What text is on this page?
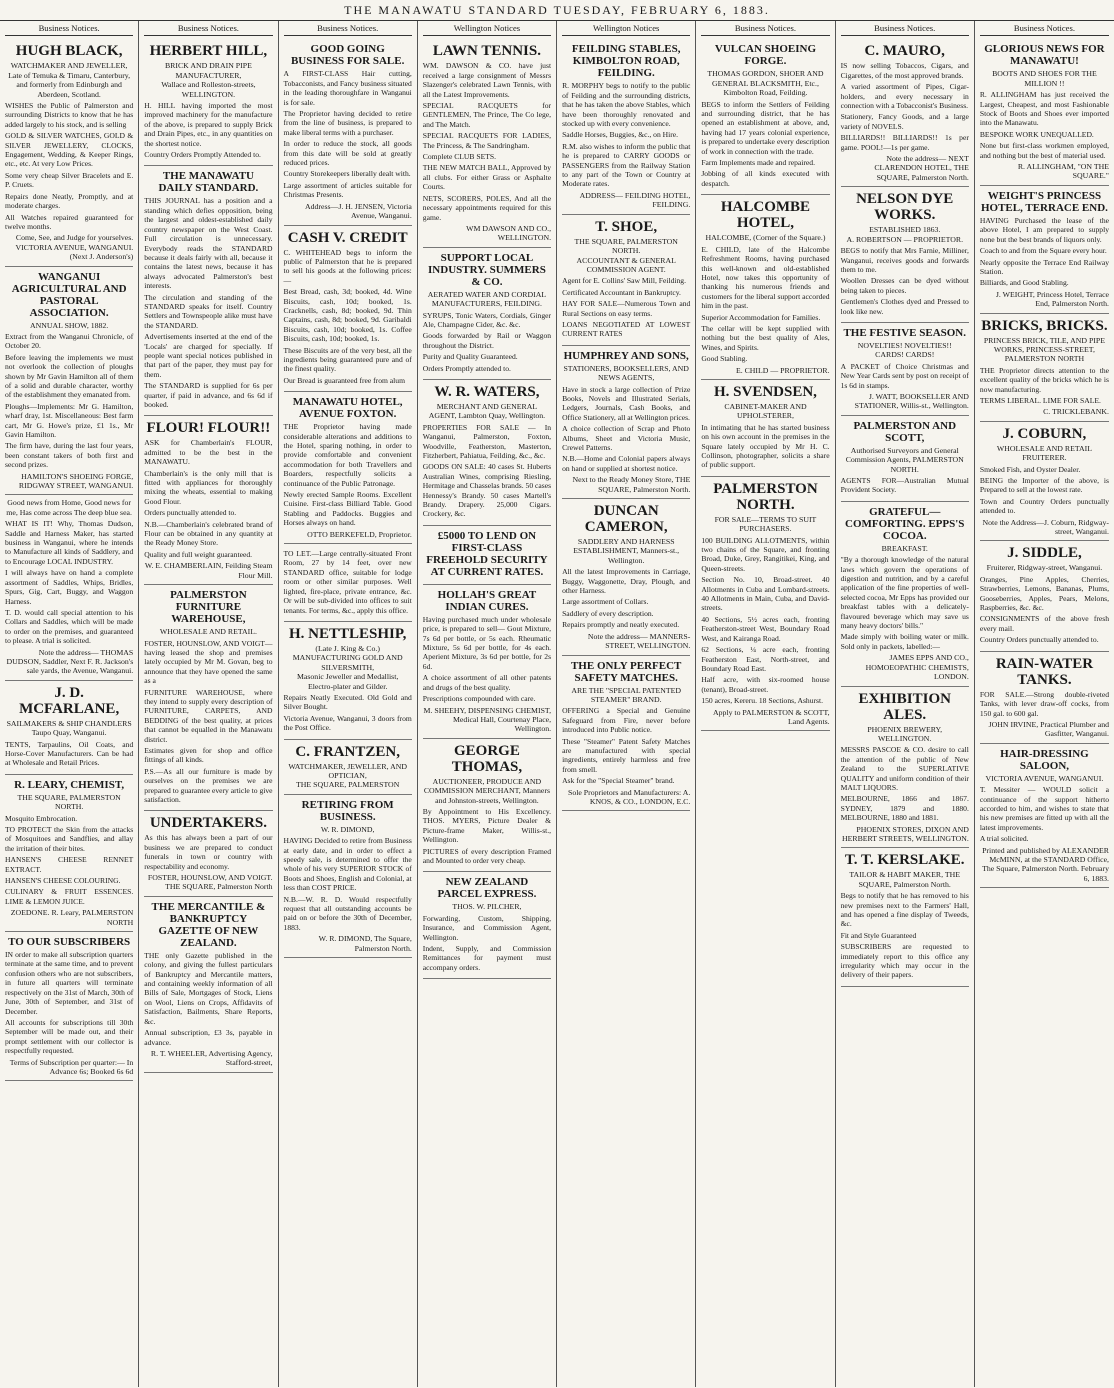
THE MANAWATU STANDARD TUESDAY, FEBRUARY 6, 1883.
Business Notices.
HUGH BLACK,
WATCHMAKER AND JEWELLER,
Late of Temuka & Timaru, Canterbury, and formerly from Edinburgh and Aberdeen, Scotland.
WISHES the Public of Palmerston and surrounding Districts to know that he has added largely to his stock, and is selling
GOLD & SILVER WATCHES, GOLD & SILVER JEWELLERY, CLOCKS, Engagement, Wedding, & Keeper Rings, etc., etc. At very Low Prices.
Some very cheap Silver Bracelets and E. P. Cruets.
Repairs done Neatly, Promptly, and at moderate charges.
All Watches repaired guaranteed for twelve months.
Come, See, and Judge for yourselves. VICTORIA AVENUE, WANGANUI. (Next J. Anderson's)
WANGANUI AGRICULTURAL AND PASTORAL ASSOCIATION.
ANNUAL SHOW, 1882.
Extract from the Wanganui Chronicle, of October 20.
Before leaving the implements we must not overlook the collection of ploughs shown by Mr Gavin Hamilton all of them of a solid and durable character, worthy of the establishment they emanated from.
Ploughs—Implements: Mr G. Hamilton, wharf dray, 1st. Miscellaneous: Best farm cart, Mr G. Howe's prize, £1 1s., Mr Gavin Hamilton.
The firm have, during the last four years, been constant takers of both first and second prizes.
HAMILTON'S SHOEING FORGE, RIDGWAY STREET, WANGANUI.
Good news from Home, Good news for me, Has come across The deep blue sea.
WHAT IS IT! Why, Thomas Dudson, Saddle and Harness Maker, has started business in Wanganui, where he intends to Manufacture all kinds of Saddlery, and to Encourage LOCAL INDUSTRY.
I will always have on hand a complete assortment of Saddles, Whips, Bridles, Spurs, Gig, Cart, Buggy, and Waggon Harness.
T. D. would call special attention to his Collars and Saddles, which will be made to order on the premises, and guaranteed to please. A trial is solicited.
Note the address— THOMAS DUDSON, Saddler, Next F. R. Jackson's sale yards, the Avenue, Wanganui.
J. D. MCFARLANE,
SAILMAKERS & SHIP CHANDLERS
Taupo Quay, Wanganui.
TENTS, Tarpaulins, Oil Coats, and Horse-Cover Manufacturers. Can be had at Wholesale and Retail Prices.
R. LEARY, CHEMIST,
THE SQUARE, PALMERSTON NORTH.
Mosquito Embrocation.
TO PROTECT the Skin from the attacks of Mosquitoes and Sandflies, and allay the irritation of their bites.
HANSEN'S CHEESE RENNET EXTRACT.
HANSEN'S CHEESE COLOURING.
CULINARY & FRUIT ESSENCES. LIME & LEMON JUICE.
ZOEDONE. R. Leary, PALMERSTON NORTH
TO OUR SUBSCRIBERS
IN order to make all subscription quarters terminate at the same time, and to prevent confusion others who are not subscribers, in future all quarters will terminate respectively on the 31st of March, 30th of June, 30th of September, and 31st of December.
All accounts for subscriptions till 30th September will be made out, and their prompt settlement with our collector is respectfully requested.
Terms of Subscription per quarter:— In Advance 6s; Booked 6s 6d
Business Notices.
HERBERT HILL,
BRICK AND DRAIN PIPE MANUFACTURER,
Wallace and Rolleston-streets, WELLINGTON.
H. HILL having imported the most improved machinery for the manufacture of the above, is prepared to supply Brick and Drain Pipes, etc., in any quantities on the shortest notice.
Country Orders Promptly Attended to.
THE MANAWATU DAILY STANDARD.
THIS JOURNAL has a position and a standing which defies opposition, being the largest and oldest-established daily country newspaper on the West Coast. Full circulation is unnecessary. Everybody reads the STANDARD because it deals fairly with all, because it contains the latest news, because it has always advocated Palmerston's best interests.
The circulation and standing of the STANDARD speaks for itself. Country Settlers and Townspeople alike must have the STANDARD.
Advertisements inserted at the end of the 'Locals' are charged for specially. If people want special notices published in that part of the paper, they must pay for them.
The STANDARD is supplied for 6s per quarter, if paid in advance, and 6s 6d if booked.
FLOUR! FLOUR!!
ASK for Chamberlain's FLOUR, admitted to be the best in the MANAWATU.
Chamberlain's is the only mill that is fitted with appliances for thoroughly mixing the wheats, essential to making Good Flour.
Orders punctually attended to.
N.B.—Chamberlain's celebrated brand of Flour can be obtained in any quantity at the Ready Money Store.
Quality and full weight guaranteed.
W. E. CHAMBERLAIN, Feilding Steam Flour Mill.
PALMERSTON FURNITURE WAREHOUSE,
WHOLESALE AND RETAIL.
FOSTER, HOUNSLOW, AND VOIGT—having leased the shop and premises lately occupied by Mr M. Govan, beg to announce that they have opened the same as a
FURNITURE WAREHOUSE, where they intend to supply every description of FURNITURE, CARPETS, AND BEDDING of the best quality, at prices that cannot be equalled in the Manawatu district.
Estimates given for shop and office fittings of all kinds.
P.S.—As all our furniture is made by ourselves on the premises we are prepared to guarantee every article to give satisfaction.
UNDERTAKERS.
As this has always been a part of our business we are prepared to conduct funerals in town or country with respectability and economy.
FOSTER, HOUNSLOW, AND VOIGT. THE SQUARE, Palmerston North
THE MERCANTILE & BANKRUPTCY GAZETTE OF NEW ZEALAND.
THE only Gazette published in the colony, and giving the fullest particulars of Bankruptcy and Mercantile matters, and containing weekly information of all Bills of Sale, Mortgages of Stock, Liens on Wool, Liens on Crops, Affidavits of Satisfaction, Bailments, Share Reports, &c.
Annual subscription, £3 3s, payable in advance.
R. T. WHEELER, Advertising Agency, Stafford-street,
Business Notices.
GOOD GOING BUSINESS FOR SALE.
A FIRST-CLASS Hair cutting, Tobacconists, and Fancy business situated in the leading thoroughfare in Wanganui is for sale.
The Proprietor having decided to retire from the line of business, is prepared to make liberal terms with a purchaser.
In order to reduce the stock, all goods from this date will be sold at greatly reduced prices.
Country Storekeepers liberally dealt with.
Large assortment of articles suitable for Christmas Presents.
Address—J. H. JENSEN, Victoria Avenue, Wanganui.
CASH V. CREDIT
C. WHITEHEAD begs to inform the public of Palmerston that he is prepared to sell his goods at the following prices:—
Best Bread, cash, 3d; booked, 4d. Wine Biscuits, cash, 10d; booked, 1s. Cracknells, cash, 8d; booked, 9d. Thin Captains, cash, 8d; booked, 9d. Garibaldi Biscuits, cash, 10d; booked, 1s. Coffee Biscuits, cash, 10d; booked, 1s.
These Biscuits are of the very best, all the ingredients being guaranteed pure and of the finest quality.
Our Bread is guaranteed free from alum
MANAWATU HOTEL, AVENUE FOXTON.
THE Proprietor having made considerable alterations and additions to the Hotel, sparing nothing, in order to provide comfortable and convenient accommodation for both Travellers and Boarders, respectfully solicits a continuance of the Public Patronage.
Newly erected Sample Rooms. Excellent Cuisine. First-class Billiard Table. Good Stabling and Paddocks. Buggies and Horses always on hand.
OTTO BERKEFELD, Proprietor.
TO LET.—Large centrally-situated Front Room, 27 by 14 feet, over new STANDARD office, suitable for lodge room or other similar purposes. Well lighted, fire-place, private entrance, &c. Or will be sub-divided into offices to suit tenants. For terms, &c., apply this office.
H. NETTLESHIP,
(Late J. King & Co.) MANUFACTURING GOLD AND SILVERSMITH,
Masonic Jeweller and Medallist, Electro-plater and Gilder.
Repairs Neatly Executed. Old Gold and Silver Bought.
Victoria Avenue, Wanganui, 3 doors from the Post Office.
C. FRANTZEN,
WATCHMAKER, JEWELLER, AND OPTICIAN,
THE SQUARE, PALMERSTON
RETIRING FROM BUSINESS.
W. R. DIMOND,
HAVING Decided to retire from Business at early date, and in order to effect a speedy sale, is determined to offer the whole of his very SUPERIOR STOCK of Boots and Shoes, English and Colonial, at less than COST PRICE.
N.B.—W. R. D. Would respectfully request that all outstanding accounts be paid on or before the 30th of December, 1883.
W. R. DIMOND, The Square, Palmerston North.
Wellington Notices
LAWN TENNIS.
WM. DAWSON & CO. have just received a large consignment of Messrs Slazenger's celebrated Lawn Tennis, with all the Latest Improvements.
SPECIAL RACQUETS for GENTLEMEN, The Prince, The Co lege, and The Match.
SPECIAL RACQUETS FOR LADIES, The Princess, & The Sandringham.
Complete CLUB SETS.
THE NEW MATCH BALL, Approved by all clubs. For either Grass or Asphalte Courts.
NETS, SCORERS, POLES, And all the necessary appointments required for this game.
WM DAWSON AND CO., WELLINGTON.
SUPPORT LOCAL INDUSTRY. SUMMERS & CO.
AERATED WATER AND CORDIAL MANUFACTURERS, FEILDING.
SYRUPS, Tonic Waters, Cordials, Ginger Ale, Champagne Cider, &c. &c.
Goods forwarded by Rail or Waggon throughout the District.
Purity and Quality Guaranteed.
Orders Promptly attended to.
W. R. WATERS,
MERCHANT AND GENERAL AGENT, Lambton Quay, Wellington.
PROPERTIES FOR SALE — In Wanganui, Palmerston, Foxton, Woodville, Featherston, Masterton, Fitzherbert, Pahiatua, Feilding, &c., &c.
GOODS ON SALE: 40 cases St. Huberts Australian Wines, comprising Riesling, Hermitage and Chasselas brands. 50 cases Hennessy's Brandy. 50 cases Martell's Brandy. Drapery. 25,000 Cigars. Crockery, &c.
£5000 TO LEND ON FIRST-CLASS FREEHOLD SECURITY AT CURRENT RATES.
HOLLAH'S GREAT INDIAN CURES.
Having purchased much under wholesale price, is prepared to sell— Gout Mixture, 7s 6d per bottle, or 5s each. Rheumatic Mixture, 5s 6d per bottle, for 4s each. Aperient Mixture, 3s 6d per bottle, for 2s 6d.
A choice assortment of all other patents and drugs of the best quality.
Prescriptions compounded with care.
M. SHEEHY, DISPENSING CHEMIST, Medical Hall, Courtenay Place, Wellington.
GEORGE THOMAS,
AUCTIONEER, PRODUCE AND COMMISSION MERCHANT, Manners and Johnston-streets, Wellington.
By Appointment to His Excellency. THOS. MYERS, Picture Dealer & Picture-frame Maker, Willis-st., Wellington.
PICTURES of every description Framed and Mounted to order very cheap.
NEW ZEALAND PARCEL EXPRESS.
THOS. W. PILCHER,
Forwarding, Custom, Shipping, Insurance, and Commission Agent, Wellington.
Indent, Supply, and Commission Remittances for payment must accompany orders.
Wellington Notices
FEILDING STABLES, KIMBOLTON ROAD, FEILDING.
R. MORPHY begs to notify to the public of Feilding and the surrounding districts, that he has taken the above Stables, which have been thoroughly renovated and stocked up with every convenience.
Saddle Horses, Buggies, &c., on Hire.
R.M. also wishes to inform the public that he is prepared to CARRY GOODS or PASSENGERS from the Railway Station to any part of the Town or Country at Moderate rates.
ADDRESS— FEILDING HOTEL, FEILDING.
T. SHOE,
THE SQUARE, PALMERSTON NORTH.
ACCOUNTANT & GENERAL COMMISSION AGENT.
Agent for E. Collins' Saw Mill, Feilding.
Certificated Accountant in Bankruptcy.
HAY FOR SALE—Numerous Town and Rural Sections on easy terms.
LOANS NEGOTIATED AT LOWEST CURRENT RATES
HUMPHREY AND SONS,
STATIONERS, BOOKSELLERS, AND NEWS AGENTS,
Have in stock a large collection of Prize Books, Novels and Illustrated Serials, Ledgers, Journals, Cash Books, and Office Stationery, all at Wellington prices.
A choice collection of Scrap and Photo Albums, Sheet and Victoria Music, Crewel Patterns.
N.B.—Home and Colonial papers always on hand or supplied at shortest notice.
Next to the Ready Money Store, THE SQUARE, Palmerston North.
DUNCAN CAMERON,
SADDLERY AND HARNESS ESTABLISHMENT, Manners-st., Wellington.
All the latest Improvements in Carriage, Buggy, Waggonette, Dray, Plough, and other Harness.
Large assortment of Collars.
Saddlery of every description.
Repairs promptly and neatly executed.
Note the address— MANNERS-STREET, WELLINGTON.
THE ONLY PERFECT SAFETY MATCHES.
ARE THE "SPECIAL PATENTED STEAMER" BRAND.
OFFERING a Special and Genuine Safeguard from Fire, never before introduced into Public notice.
These "Steamer" Patent Safety Matches are manufactured with special ingredients, entirely harmless and free from smell.
Ask for the "Special Steamer" brand.
Sole Proprietors and Manufacturers: A. KNOS, & CO., LONDON, E.C.
Business Notices.
VULCAN SHOEING FORGE.
THOMAS GORDON, SHOER AND GENERAL BLACKSMITH, Etc., Kimbolton Road, Feilding.
BEGS to inform the Settlers of Feilding and surrounding district, that he has opened an establishment at above, and, having had 17 years colonial experience, is prepared to undertake every description of work in connection with the trade.
Farm Implements made and repaired.
Jobbing of all kinds executed with despatch.
HALCOMBE HOTEL,
HALCOMBE, (Corner of the Square.)
E. CHILD, late of the Halcombe Refreshment Rooms, having purchased this well-known and old-established Hotel, now takes this opportunity of thanking his numerous friends and customers for the liberal support accorded him in the past.
Superior Accommodation for Families.
The cellar will be kept supplied with nothing but the best quality of Ales, Wines, and Spirits.
Good Stabling.
E. CHILD — PROPRIETOR.
H. SVENDSEN,
CABINET-MAKER AND UPHOLSTERER,
In intimating that he has started business on his own account in the premises in the Square lately occupied by Mr H. C. Collinson, photographer, solicits a share of public support.
PALMERSTON NORTH.
FOR SALE—TERMS TO SUIT PURCHASERS.
100 BUILDING ALLOTMENTS, within two chains of the Square, and fronting Broad, Duke, Grey, Rangitikei, King, and Queen-streets.
Section No. 10, Broad-street. 40 Allotments in Cuba and Lombard-streets. 40 Allotments in Main, Cuba, and David-streets.
40 Sections, 5½ acres each, fronting Featherston-street West, Boundary Road West, and Kairanga Road.
62 Sections, ¼ acre each, fronting Featherston East, North-street, and Boundary Road East.
Half acre, with six-roomed house (tenant), Broad-street.
150 acres, Kereru. 18 Sections, Ashurst.
Apply to PALMERSTON & SCOTT, Land Agents.
Business Notices.
C. MAURO,
IS now selling Tobaccos, Cigars, and Cigarettes, of the most approved brands.
A varied assortment of Pipes, Cigar-holders, and every necessary in connection with a Tobacconist's Business.
Stationery, Fancy Goods, and a large variety of NOVELS.
BILLIARDS!! BILLIARDS!! 1s per game. POOL!—1s per game.
Note the address— NEXT CLARENDON HOTEL, THE SQUARE, Palmerston North.
NELSON DYE WORKS.
ESTABLISHED 1863.
A. ROBERTSON — PROPRIETOR.
BEGS to notify that Mrs Farnie, Milliner, Wanganui, receives goods and forwards them to me.
Woollen Dresses can be dyed without being taken to pieces.
Gentlemen's Clothes dyed and Pressed to look like new.
THE FESTIVE SEASON.
NOVELTIES! NOVELTIES!!
CARDS! CARDS!
A PACKET of Choice Christmas and New Year Cards sent by post on receipt of 1s 6d in stamps.
J. WATT, BOOKSELLER AND STATIONER, Willis-st., Wellington.
PALMERSTON AND SCOTT,
Authorised Surveyors and General Commission Agents, PALMERSTON NORTH.
AGENTS FOR—Australian Mutual Provident Society.
GRATEFUL—COMFORTING. EPPS'S COCOA.
BREAKFAST.
"By a thorough knowledge of the natural laws which govern the operations of digestion and nutrition, and by a careful application of the fine properties of well-selected cocoa, Mr Epps has provided our breakfast tables with a delicately-flavoured beverage which may save us many heavy doctors' bills."
Made simply with boiling water or milk. Sold only in packets, labelled:—
JAMES EPPS AND CO., HOMOEOPATHIC CHEMISTS, LONDON.
EXHIBITION ALES.
PHOENIX BREWERY, WELLINGTON.
MESSRS PASCOE & CO. desire to call the attention of the public of New Zealand to the SUPERLATIVE QUALITY and uniform condition of their MALT LIQUORS.
MELBOURNE, 1866 and 1867. SYDNEY, 1879 and 1880. MELBOURNE, 1880 and 1881.
PHOENIX STORES, DIXON AND HERBERT STREETS, WELLINGTON.
T. T. KERSLAKE.
TAILOR & HABIT MAKER, THE SQUARE, Palmerston North.
Begs to notify that he has removed to his new premises next to the Farmers' Hall, and has opened a fine display of Tweeds, &c.
Fit and Style Guaranteed
SUBSCRIBERS are requested to immediately report to this office any irregularity which may occur in the delivery of their papers.
Business Notices.
GLORIOUS NEWS FOR MANAWATU!
BOOTS AND SHOES FOR THE MILLION !!
R. ALLINGHAM has just received the Largest, Cheapest, and most Fashionable Stock of Boots and Shoes ever imported into the Manawatu.
BESPOKE WORK UNEQUALLED.
None but first-class workmen employed, and nothing but the best of material used.
R. ALLINGHAM, "ON THE SQUARE."
WEIGHT'S PRINCESS HOTEL, TERRACE END.
HAVING Purchased the lease of the above Hotel, I am prepared to supply none but the best brands of liquors only.
Coach to and from the Square every hour.
Nearly opposite the Terrace End Railway Station.
Billiards, and Good Stabling.
J. WEIGHT, Princess Hotel, Terrace End, Palmerston North.
BRICKS, BRICKS.
PRINCESS BRICK, TILE, AND PIPE WORKS, PRINCESS-STREET, PALMERSTON NORTH
THE Proprietor directs attention to the excellent quality of the bricks which he is now manufacturing.
TERMS LIBERAL. LIME FOR SALE.
C. TRICKLEBANK.
J. COBURN,
WHOLESALE AND RETAIL FRUITERER.
Smoked Fish, and Oyster Dealer.
BEING the Importer of the above, is Prepared to sell at the lowest rate.
Town and Country Orders punctually attended to.
Note the Address—J. Coburn, Ridgway-street, Wanganui.
J. SIDDLE,
Fruiterer, Ridgway-street, Wanganui.
Oranges, Pine Apples, Cherries, Strawberries, Lemons, Bananas, Plums, Gooseberries, Apples, Pears, Melons, Raspberries, &c. &c.
CONSIGNMENTS of the above fresh every mail.
Country Orders punctually attended to.
RAIN-WATER TANKS.
FOR SALE.—Strong double-riveted Tanks, with lever draw-off cocks, from 150 gal. to 600 gal.
JOHN IRVINE, Practical Plumber and Gasfitter, Wanganui.
HAIR-DRESSING SALOON,
VICTORIA AVENUE, WANGANUI.
T. Messiter — WOULD solicit a continuance of the support hitherto accorded to him, and wishes to state that his new premises are fitted up with all the latest improvements.
A trial solicited.
Printed and published by ALEXANDER McMINN, at the STANDARD Office, The Square, Palmerston North. February 6, 1883.
